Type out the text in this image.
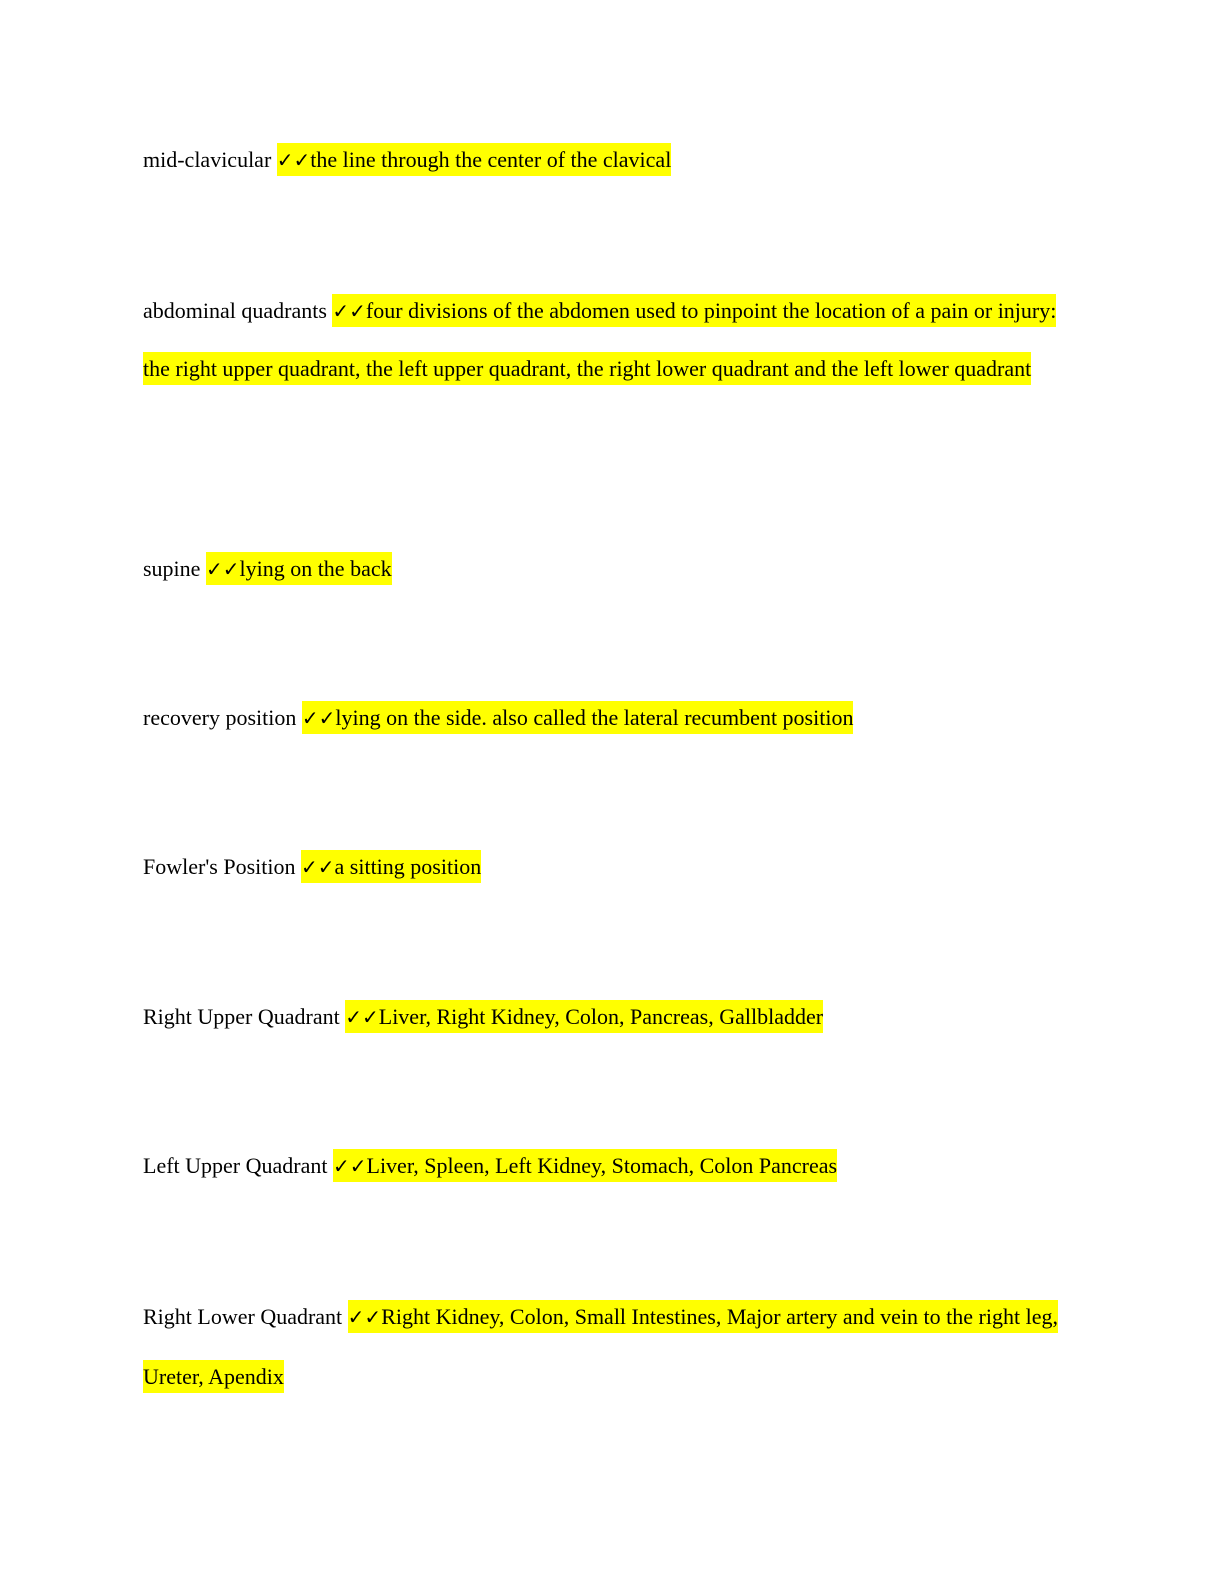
mid-clavicular ✓✓the line through the center of the clavical
abdominal quadrants ✓✓four divisions of the abdomen used to pinpoint the location of a pain or injury: the right upper quadrant, the left upper quadrant, the right lower quadrant and the left lower quadrant
supine ✓✓lying on the back
recovery position ✓✓lying on the side. also called the lateral recumbent position
Fowler's Position ✓✓a sitting position
Right Upper Quadrant ✓✓Liver, Right Kidney, Colon, Pancreas, Gallbladder
Left Upper Quadrant ✓✓Liver, Spleen, Left Kidney, Stomach, Colon Pancreas
Right Lower Quadrant ✓✓Right Kidney, Colon, Small Intestines, Major artery and vein to the right leg, Ureter, Apendix
